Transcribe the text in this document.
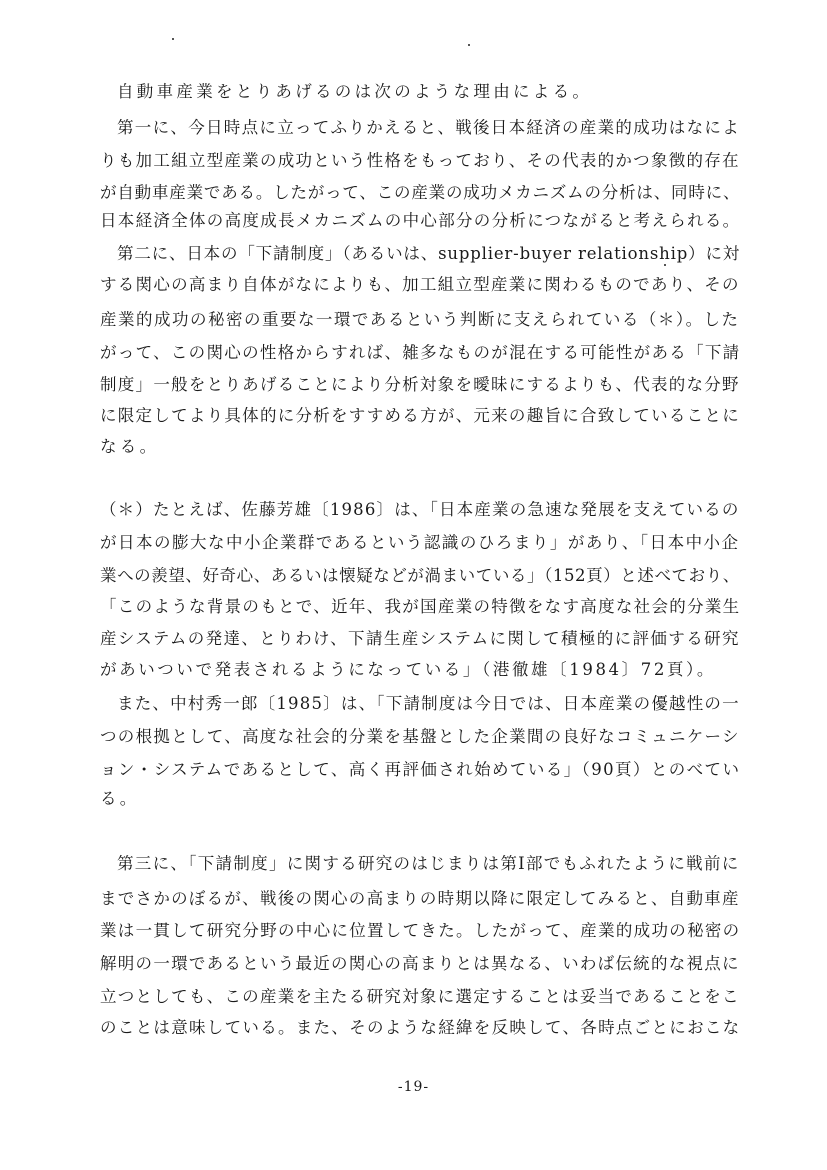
自動車産業をとりあげるのは次のような理由による。
第一に、今日時点に立ってふりかえると、戦後日本経済の産業的成功はなによ
りも加工組立型産業の成功という性格をもっており、その代表的かつ象徴的存在
が自動車産業である。したがって、この産業の成功メカニズムの分析は、同時に、
日本経済全体の高度成長メカニズムの中心部分の分析につながると考えられる。
第二に、日本の「下請制度」（あるいは、supplier-buyer relationship）に対
する関心の高まり自体がなによりも、加工組立型産業に関わるものであり、その
産業的成功の秘密の重要な一環であるという判断に支えられている（＊）。した
がって、この関心の性格からすれば、雑多なものが混在する可能性がある「下請
制度」一般をとりあげることにより分析対象を曖昧にするよりも、代表的な分野
に限定してより具体的に分析をすすめる方が、元来の趣旨に合致していることに
なる。
（＊）たとえば、佐藤芳雄〔1986〕は、「日本産業の急速な発展を支えているの
が日本の膨大な中小企業群であるという認識のひろまり」があり、「日本中小企
業への羨望、好奇心、あるいは懐疑などが渦まいている」（152頁）と述べており、
「このような背景のもとで、近年、我が国産業の特徴をなす高度な社会的分業生
産システムの発達、とりわけ、下請生産システムに関して積極的に評価する研究
があいついで発表されるようになっている」（港徹雄〔1984〕72頁）。
また、中村秀一郎〔1985〕は、「下請制度は今日では、日本産業の優越性の一
つの根拠として、高度な社会的分業を基盤とした企業間の良好なコミュニケーシ
ョン・システムであるとして、高く再評価され始めている」（90頁）とのべてい
る。
第三に、「下請制度」に関する研究のはじまりは第Ⅰ部でもふれたように戦前に
までさかのぼるが、戦後の関心の高まりの時期以降に限定してみると、自動車産
業は一貫して研究分野の中心に位置してきた。したがって、産業的成功の秘密の
解明の一環であるという最近の関心の高まりとは異なる、いわば伝統的な視点に
立つとしても、この産業を主たる研究対象に選定することは妥当であることをこ
のことは意味している。また、そのような経緯を反映して、各時点ごとにおこな
-19-
